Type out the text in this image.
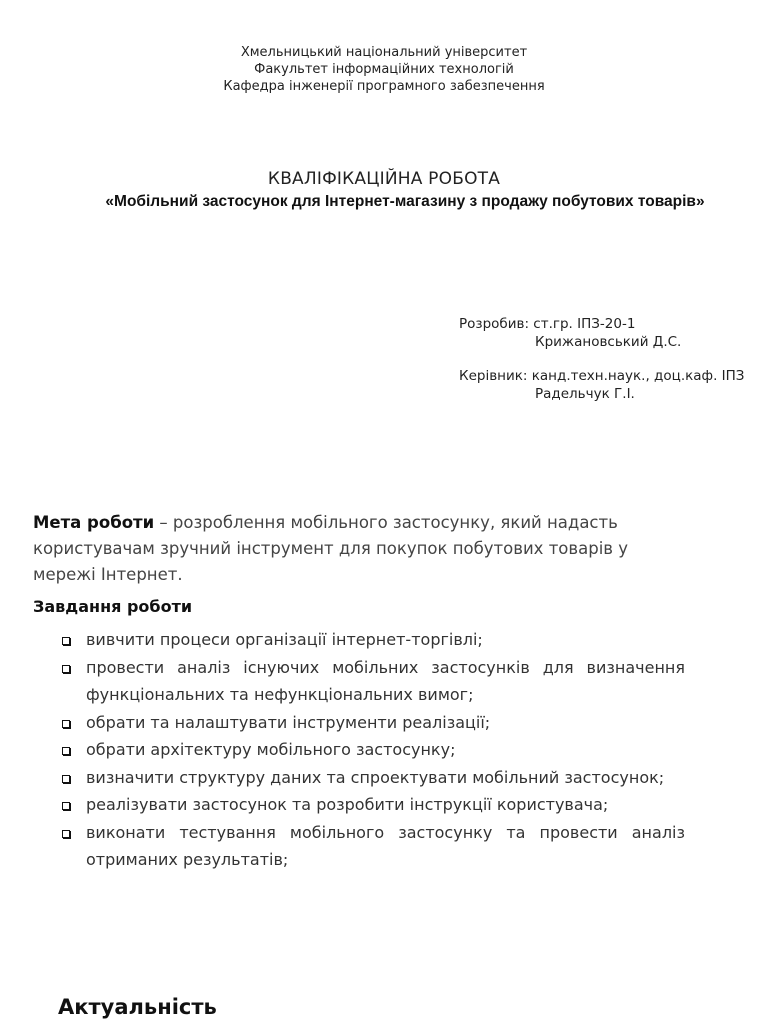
Хмельницький національний університет
Факультет інформаційних технологій
Кафедра інженерії програмного забезпечення
КВАЛІФІКАЦІЙНА РОБОТА
«Мобільний застосунок для Інтернет-магазину з продажу побутових товарів»
Розробив: ст.гр. ІПЗ-20-1
Крижановський Д.С.
Керівник: канд.техн.наук., доц.каф. ІПЗ
Радельчук Г.І.
Мета роботи – розроблення мобільного застосунку, який надасть користувачам зручний інструмент для покупок побутових товарів у мережі Інтернет.
Завдання роботи
вивчити процеси організації інтернет-торгівлі;
провести аналіз існуючих мобільних застосунків для визначення функціональних та нефункціональних вимог;
обрати та налаштувати інструменти реалізації;
обрати архітектуру мобільного застосунку;
визначити структуру даних та спроектувати мобільний застосунок;
реалізувати застосунок та розробити інструкції користувача;
виконати тестування мобільного застосунку та провести аналіз отриманих результатів;
Актуальність
